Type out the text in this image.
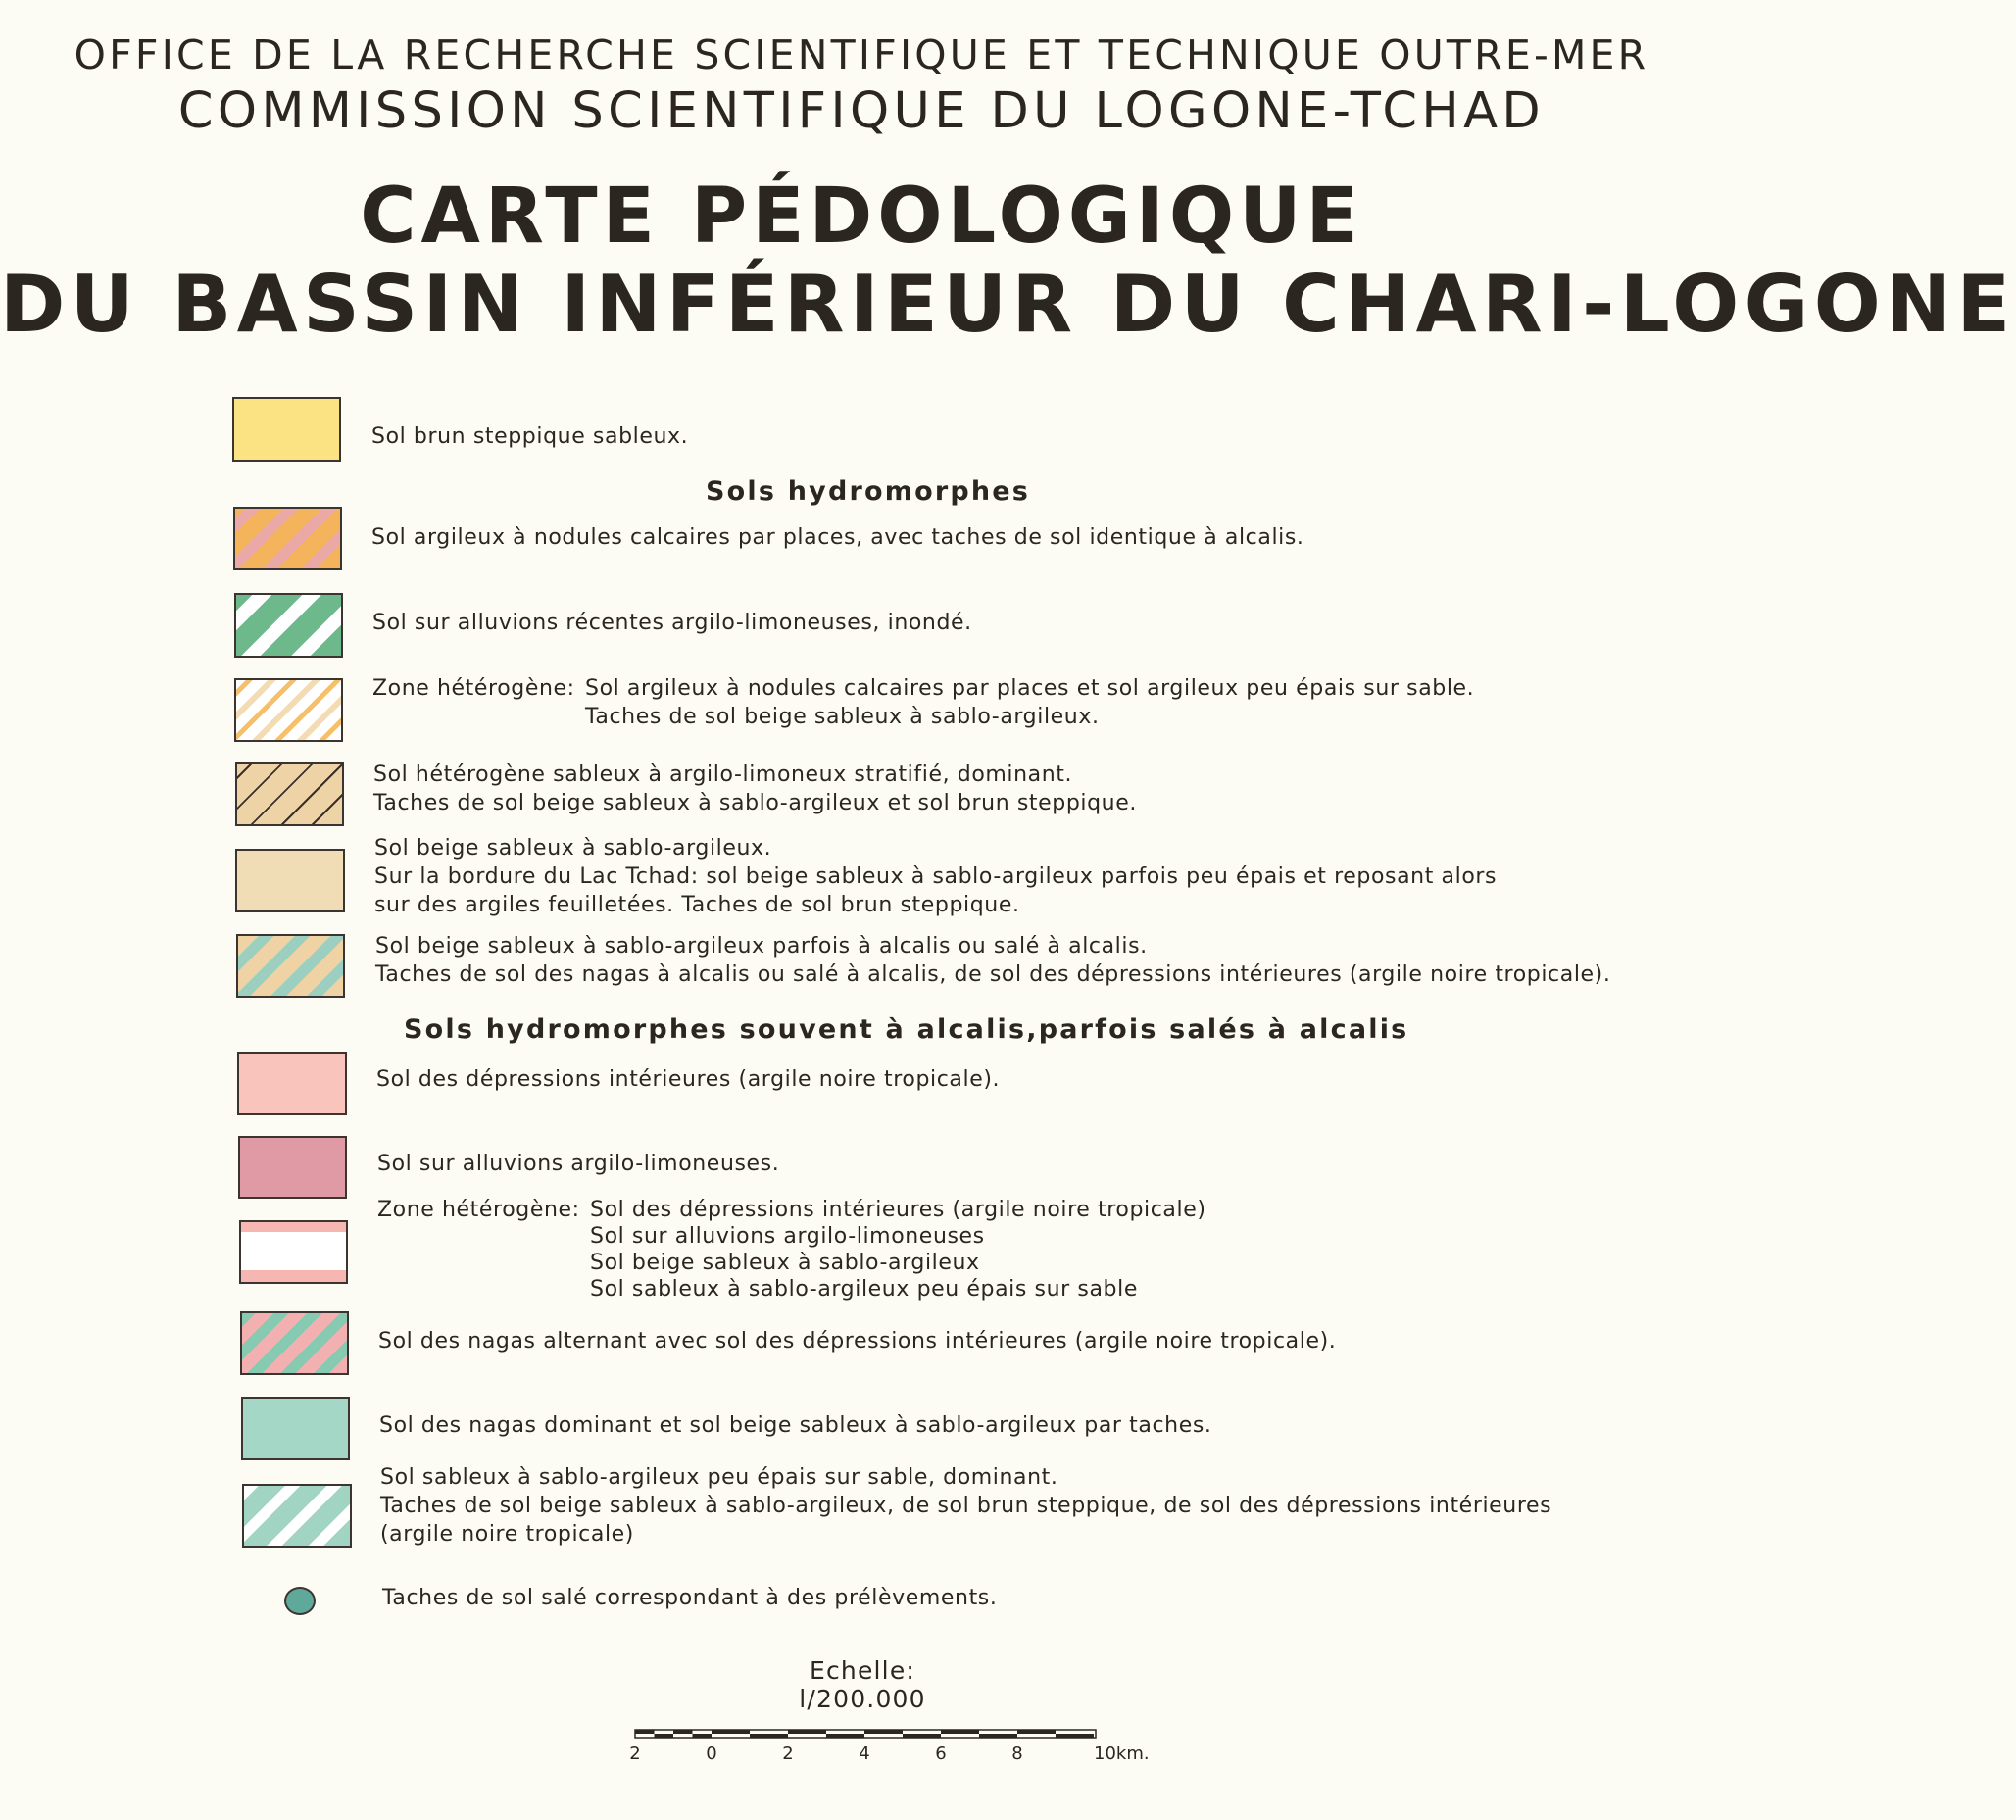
OFFICE DE LA RECHERCHE SCIENTIFIQUE ET TECHNIQUE OUTRE-MER
COMMISSION SCIENTIFIQUE DU LOGONE-TCHAD
CARTE PÉDOLOGIQUE
DU BASSIN INFÉRIEUR DU CHARI-LOGONE
Sol brun steppique sableux.
Sols hydromorphes
Sol argileux à nodules calcaires par places, avec taches de sol identique à alcalis.
Sol sur alluvions récentes argilo-limoneuses, inondé.
Zone hétérogène: Sol argileux à nodules calcaires par places et sol argileux peu épais sur sable.
Taches de sol beige sableux à sablo-argileux.
Sol hétérogène sableux à argilo-limoneux stratifié, dominant.
Taches de sol beige sableux à sablo-argileux et sol brun steppique.
Sol beige sableux à sablo-argileux.
Sur la bordure du Lac Tchad: sol beige sableux à sablo-argileux parfois peu épais et reposant alors
sur des argiles feuilletées. Taches de sol brun steppique.
Sol beige sableux à sablo-argileux parfois à alcalis ou salé à alcalis.
Taches de sol des nagas à alcalis ou salé à alcalis, de sol des dépressions intérieures (argile noire tropicale).
Sols hydromorphes souvent à alcalis,parfois salés à alcalis
Sol des dépressions intérieures (argile noire tropicale).
Sol sur alluvions argilo-limoneuses.
Zone hétérogène: Sol des dépressions intérieures (argile noire tropicale)
Sol sur alluvions argilo-limoneuses
Sol beige sableux à sablo-argileux
Sol sableux à sablo-argileux peu épais sur sable
Sol des nagas alternant avec sol des dépressions intérieures (argile noire tropicale).
Sol des nagas dominant et sol beige sableux à sablo-argileux par taches.
Sol sableux à sablo-argileux peu épais sur sable, dominant.
Taches de sol beige sableux à sablo-argileux, de sol brun steppique, de sol des dépressions intérieures
(argile noire tropicale)
Taches de sol salé correspondant à des prélèvements.
Echelle: l/200.000
2	0	2	4	6	8	10km.
